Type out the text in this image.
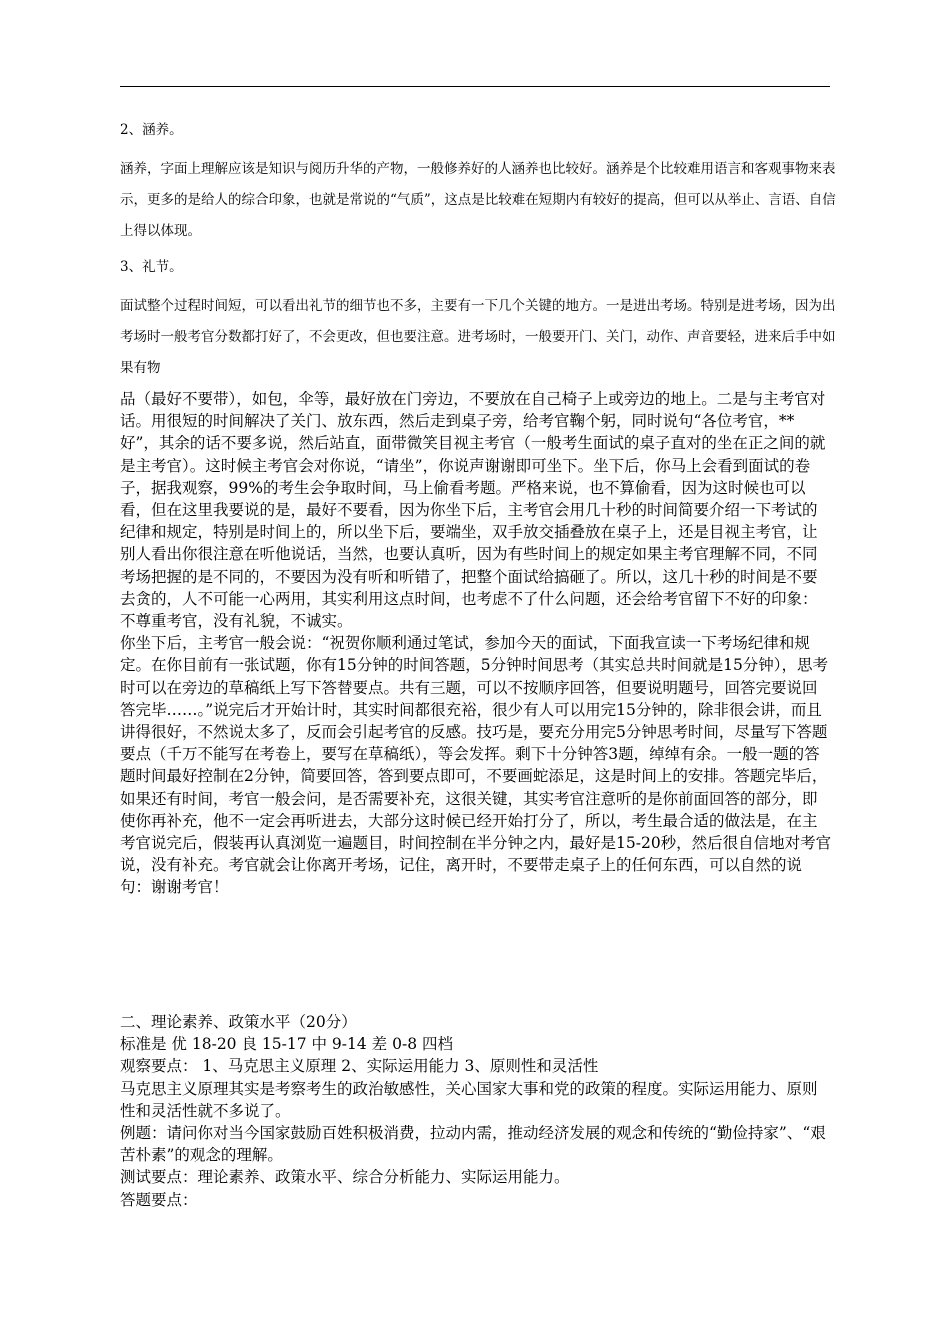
2、涵养。

涵养，字面上理解应该是知识与阅历升华的产物，一般修养好的人涵养也比较好。涵养是个比较难用语言和客观事物来表示，更多的是给人的综合印象，也就是常说的“气质”，这点是比较难在短期内有较好的提高，但可以从举止、言语、自信上得以体现。

3、礼节。

面试整个过程时间短，可以看出礼节的细节也不多，主要有一下几个关键的地方。一是进出考场。特别是进考场，因为出考场时一般考官分数都打好了，不会更改，但也要注意。进考场时，一般要开门、关门，动作、声音要轻，进来后手中如果有物

品（最好不要带），如包，伞等，最好放在门旁边，不要放在自己椅子上或旁边的地上。二是与主考官对话。用很短的时间解决了关门、放东西，然后走到桌子旁，给考官鞠个躬，同时说句“各位考官，**好”，其余的话不要多说，然后站直，面带微笑目视主考官（一般考生面试的桌子直对的坐在正之间的就是主考官）。这时候主考官会对你说，“请坐”，你说声谢谢即可坐下。坐下后，你马上会看到面试的卷子，据我观察，99%的考生会争取时间，马上偷看考题。严格来说，也不算偷看，因为这时候也可以看，但在这里我要说的是，最好不要看，因为你坐下后，主考官会用几十秒的时间简要介绍一下考试的纪律和规定，特别是时间上的，所以坐下后，要端坐，双手放交插叠放在桌子上，还是目视主考官，让别人看出你很注意在听他说话，当然，也要认真听，因为有些时间上的规定如果主考官理解不同，不同考场把握的是不同的，不要因为没有听和听错了，把整个面试给搞砸了。所以，这几十秒的时间是不要去贪的，人不可能一心两用，其实利用这点时间，也考虑不了什么问题，还会给考官留下不好的印象：不尊重考官，没有礼貌，不诚实。

你坐下后，主考官一般会说：“祝贺你顺利通过笔试，参加今天的面试，下面我宣读一下考场纪律和规定。在你目前有一张试题，你有15分钟的时间答题，5分钟时间思考（其实总共时间就是15分钟），思考时可以在旁边的草稿纸上写下答替要点。共有三题，可以不按顺序回答，但要说明题号，回答完要说回答完毕……。”说完后才开始计时，其实时间都很充裕，很少有人可以用完15分钟的，除非很会讲，而且讲得很好，不然说太多了，反而会引起考官的反感。技巧是，要充分用完5分钟思考时间，尽量写下答题要点（千万不能写在考卷上，要写在草稿纸），等会发挥。剩下十分钟答3题，绰绰有余。一般一题的答题时间最好控制在2分钟，简要回答，答到要点即可，不要画蛇添足，这是时间上的安排。答题完毕后，如果还有时间，考官一般会问，是否需要补充，这很关键，其实考官注意听的是你前面回答的部分，即使你再补充，他不一定会再听进去，大部分这时候已经开始打分了，所以，考生最合适的做法是，在主考官说完后，假装再认真浏览一遍题目，时间控制在半分钟之内，最好是15-20秒，然后很自信地对考官说，没有补充。考官就会让你离开考场，记住，离开时，不要带走桌子上的任何东西，可以自然的说句：谢谢考官！

二、理论素养、政策水平（20分）

标准是 优 18-20 良 15-17 中 9-14 差 0-8 四档

观察要点： 1、马克思主义原理 2、实际运用能力 3、原则性和灵活性

马克思主义原理其实是考察考生的政治敏感性，关心国家大事和党的政策的程度。实际运用能力、原则性和灵活性就不多说了。

例题：请问你对当今国家鼓励百姓积极消费，拉动内需，推动经济发展的观念和传统的“勤俭持家”、“艰苦朴素”的观念的理解。

测试要点：理论素养、政策水平、综合分析能力、实际运用能力。

答题要点：
